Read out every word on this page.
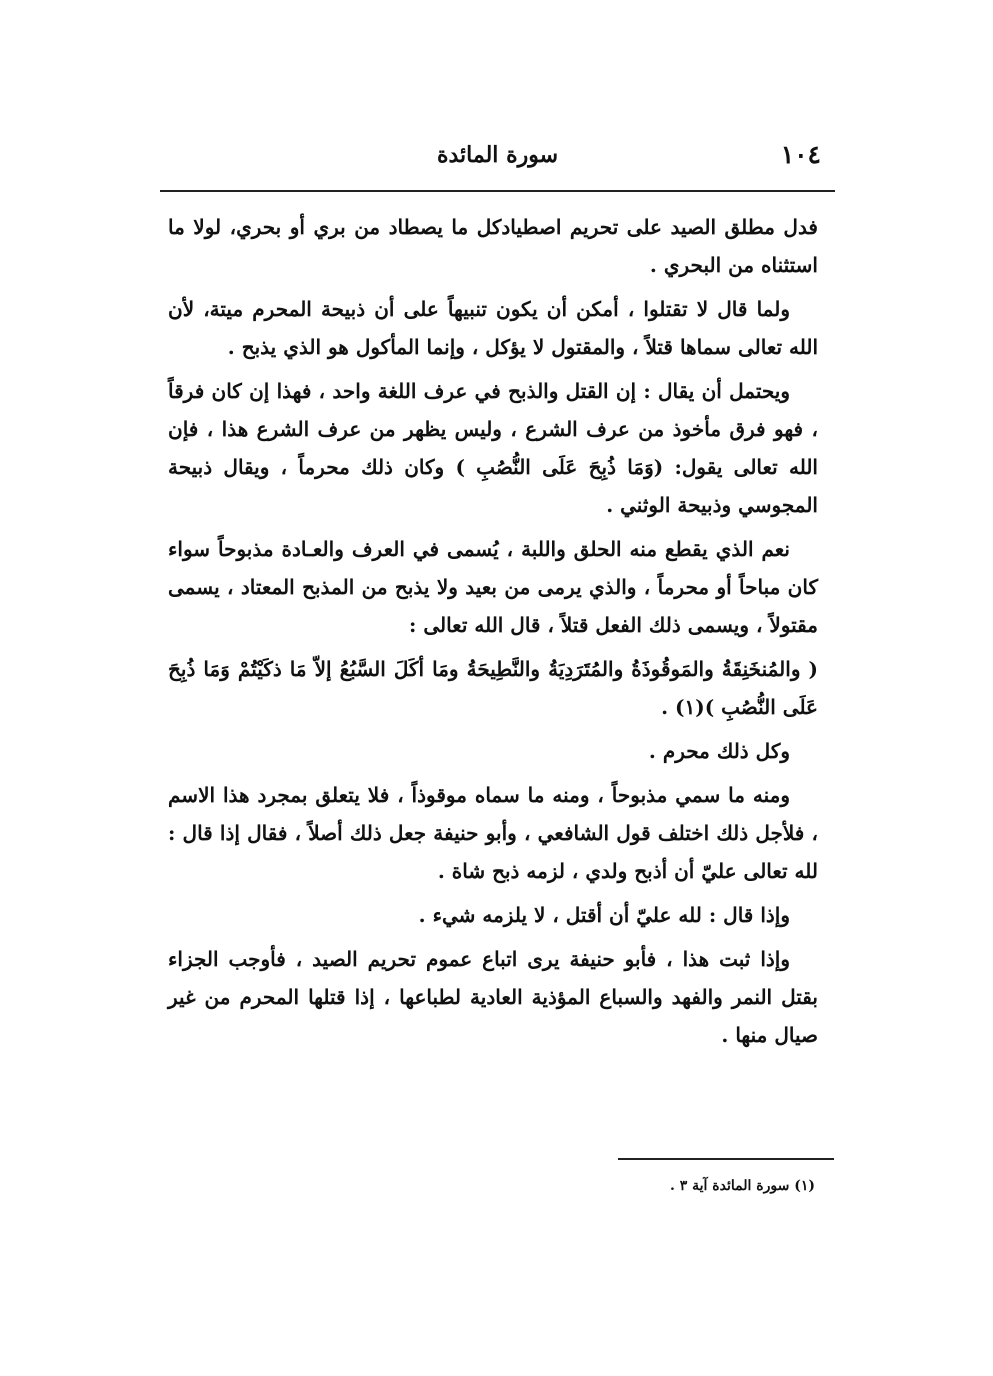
١٠٤
سورة المائدة

فدل مطلق الصيد على تحريم اصطيادكل ما يصطاد من بري أو بحري، لولا ما استثناه من البحري .

ولما قال لا تقتلوا ، أمكن أن يكون تنبيهاً على أن ذبيحة المحرم ميتة، لأن الله تعالى سماها قتلاً ، والمقتول لا يؤكل ، وإنما المأكول هو الذي يذبح .

ويحتمل أن يقال : إن القتل والذبح في عرف اللغة واحد ، فهذا إن كان فرقاً ، فهو فرق مأخوذ من عرف الشرع ، وليس يظهر من عرف الشرع هذا ، فإن الله تعالى يقول: (وَمَا ذُبِحَ عَلَى النُّصُبِ ) وكان ذلك محرماً ، ويقال ذبيحة المجوسي وذبيحة الوثني .

نعم الذي يقطع منه الحلق واللبة ، يُسمى في العرف والعـادة مذبوحاً سواء كان مباحاً أو محرماً ، والذي يرمى من بعيد ولا يذبح من المذبح المعتاد ، يسمى مقتولاً ، ويسمى ذلك الفعل قتلاً ، قال الله تعالى :

( والمُنخَنِقَةُ والمَوقُوذَةُ والمُتَرَدِيَةُ والنَّطِيحَةُ ومَا أكَلَ السَّبُعُ إلاّ مَا ذكَيْتُمْ وَمَا ذُبِحَ عَلَى النُّصُبِ )(١) .

وكل ذلك محرم .

ومنه ما سمي مذبوحاً ، ومنه ما سماه موقوذاً ، فلا يتعلق بمجرد هذا الاسم ، فلأجل ذلك اختلف قول الشافعي ، وأبو حنيفة جعل ذلك أصلاً ، فقال إذا قال : لله تعالى عليّ أن أذبح ولدي ، لزمه ذبح شاة .

وإذا قال : لله عليّ أن أقتل ، لا يلزمه شيء .

وإذا ثبت هذا ، فأبو حنيفة يرى اتباع عموم تحريم الصيد ، فأوجب الجزاء بقتل النمر والفهد والسباع المؤذية العادية لطباعها ، إذا قتلها المحرم من غير صيال منها .

(١) سورة المائدة آية ٣ .
